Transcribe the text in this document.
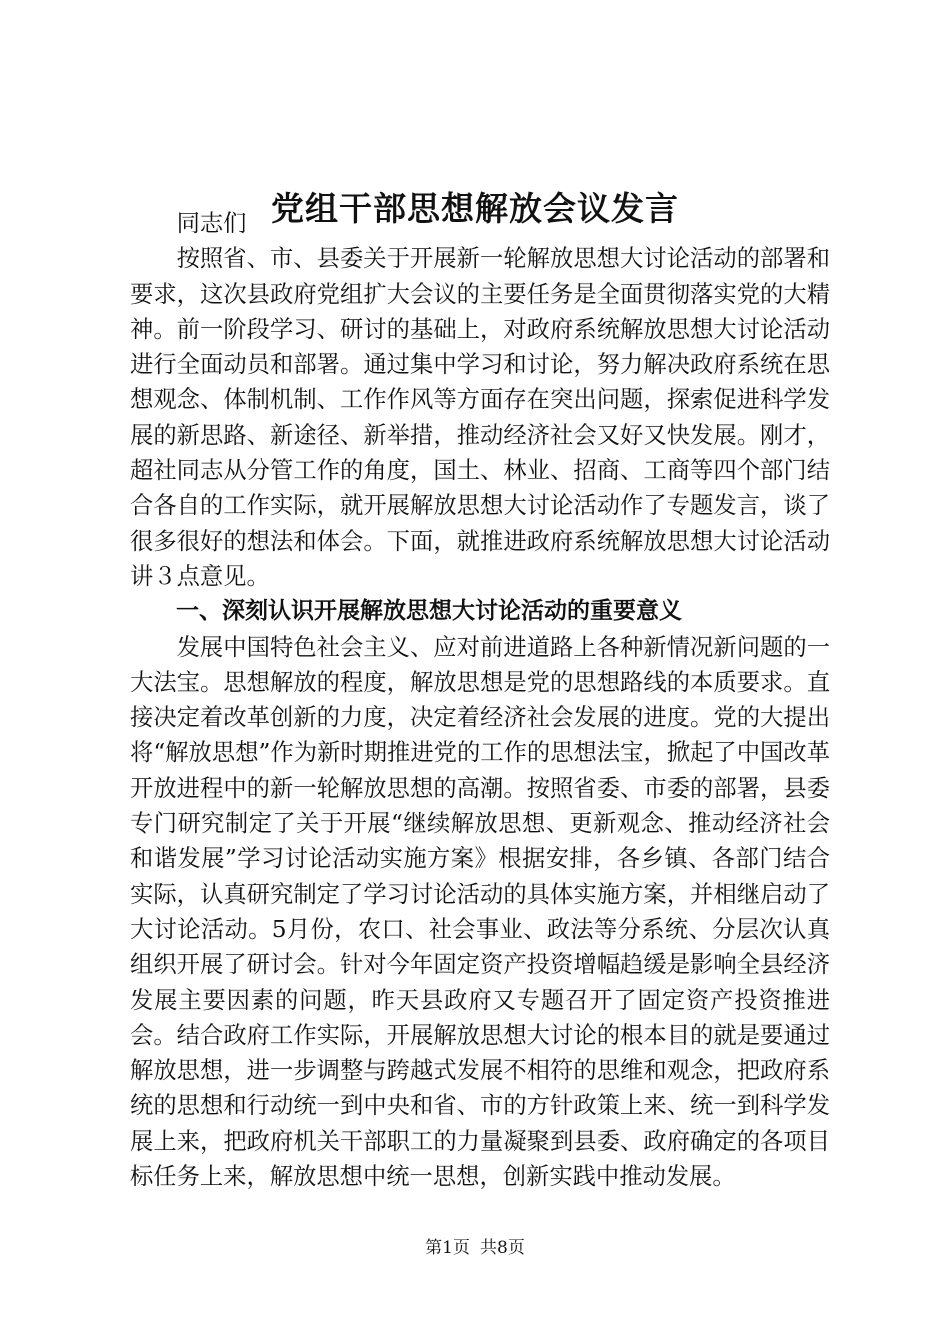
党组干部思想解放会议发言

同志们

按照省、市、县委关于开展新一轮解放思想大讨论活动的部署和要求，这次县政府党组扩大会议的主要任务是全面贯彻落实党的大精神。前一阶段学习、研讨的基础上，对政府系统解放思想大讨论活动进行全面动员和部署。通过集中学习和讨论，努力解决政府系统在思想观念、体制机制、工作作风等方面存在突出问题，探索促进科学发展的新思路、新途径、新举措，推动经济社会又好又快发展。刚才，超社同志从分管工作的角度，国土、林业、招商、工商等四个部门结合各自的工作实际，就开展解放思想大讨论活动作了专题发言，谈了很多很好的想法和体会。下面，就推进政府系统解放思想大讨论活动讲３点意见。

一、深刻认识开展解放思想大讨论活动的重要意义

发展中国特色社会主义、应对前进道路上各种新情况新问题的一大法宝。思想解放的程度，解放思想是党的思想路线的本质要求。直接决定着改革创新的力度，决定着经济社会发展的进度。党的大提出将“解放思想”作为新时期推进党的工作的思想法宝，掀起了中国改革开放进程中的新一轮解放思想的高潮。按照省委、市委的部署，县委专门研究制定了关于开展“继续解放思想、更新观念、推动经济社会和谐发展”学习讨论活动实施方案》根据安排，各乡镇、各部门结合实际，认真研究制定了学习讨论活动的具体实施方案，并相继启动了大讨论活动。5月份，农口、社会事业、政法等分系统、分层次认真组织开展了研讨会。针对今年固定资产投资增幅趋缓是影响全县经济发展主要因素的问题，昨天县政府又专题召开了固定资产投资推进会。结合政府工作实际，开展解放思想大讨论的根本目的就是要通过解放思想，进一步调整与跨越式发展不相符的思维和观念，把政府系统的思想和行动统一到中央和省、市的方针政策上来、统一到科学发展上来，把政府机关干部职工的力量凝聚到县委、政府确定的各项目标任务上来，解放思想中统一思想，创新实践中推动发展。

第1页 共8页
